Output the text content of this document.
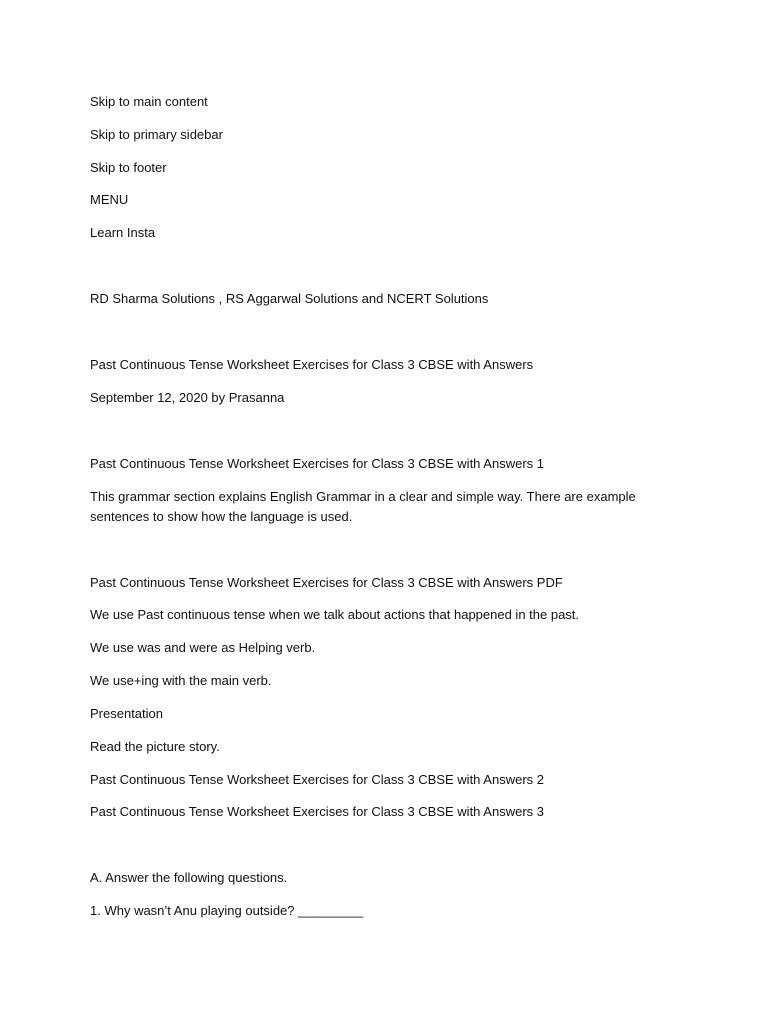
Skip to main content
Skip to primary sidebar
Skip to footer
MENU
Learn Insta
RD Sharma Solutions , RS Aggarwal Solutions and NCERT Solutions
Past Continuous Tense Worksheet Exercises for Class 3 CBSE with Answers
September 12, 2020 by Prasanna
Past Continuous Tense Worksheet Exercises for Class 3 CBSE with Answers 1

This grammar section explains English Grammar in a clear and simple way. There are example sentences to show how the language is used.

Past Continuous Tense Worksheet Exercises for Class 3 CBSE with Answers PDF
We use Past continuous tense when we talk about actions that happened in the past.
We use was and were as Helping verb.
We use+ing with the main verb.
Presentation
Read the picture story.
Past Continuous Tense Worksheet Exercises for Class 3 CBSE with Answers 2
Past Continuous Tense Worksheet Exercises for Class 3 CBSE with Answers 3
A. Answer the following questions.
1. Why wasn’t Anu playing outside? _________
